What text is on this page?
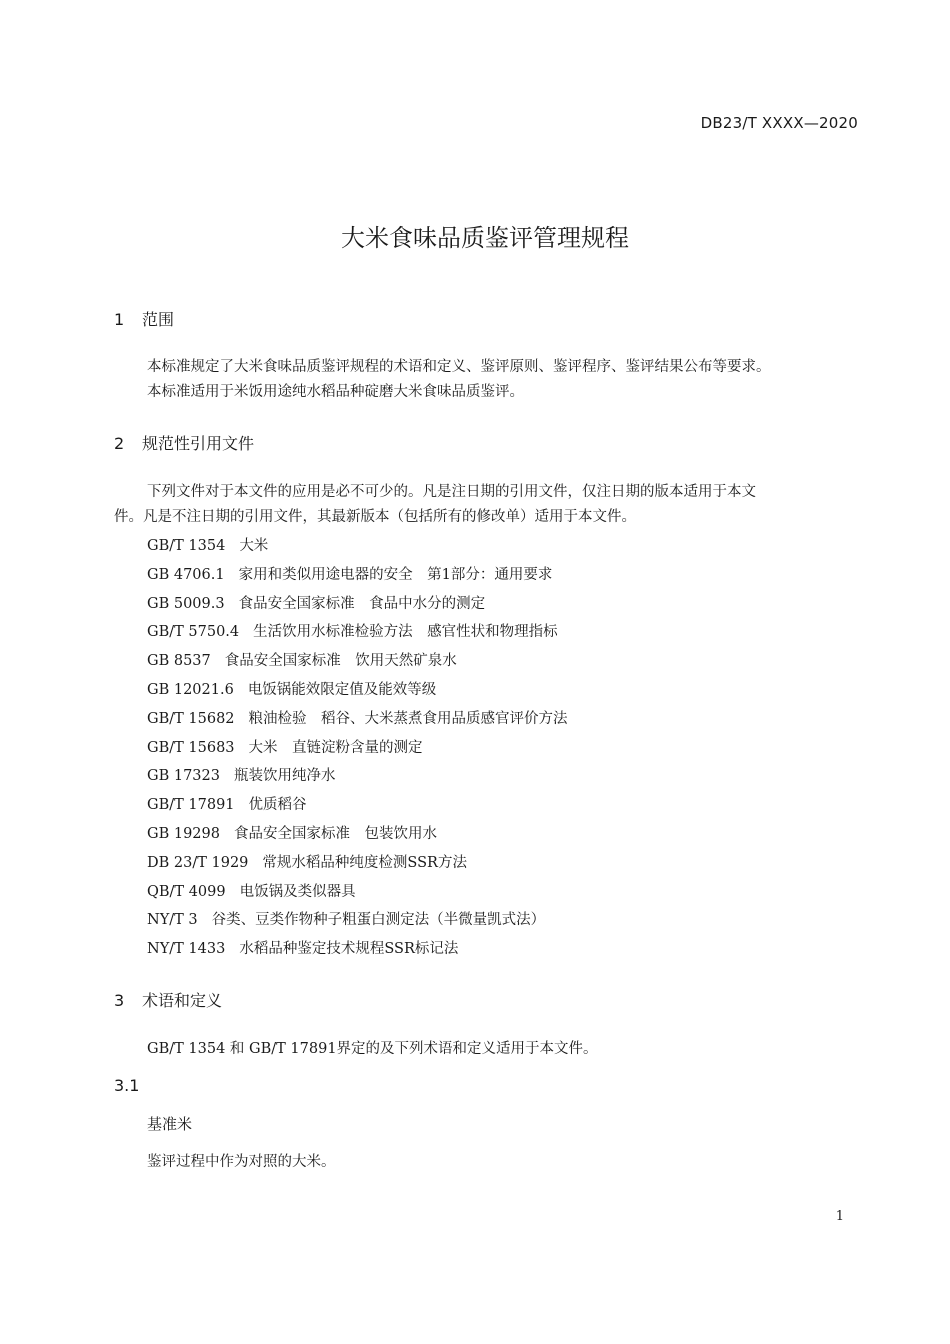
DB23/T XXXX—2020
大米食味品质鉴评管理规程
1 范围
本标准规定了大米食味品质鉴评规程的术语和定义、鉴评原则、鉴评程序、鉴评结果公布等要求。
本标准适用于米饭用途纯水稻品种碇磨大米食味品质鉴评。
2 规范性引用文件
下列文件对于本文件的应用是必不可少的。凡是注日期的引用文件，仅注日期的版本适用于本文
件。凡是不注日期的引用文件，其最新版本（包括所有的修改单）适用于本文件。
GB/T 1354 大米
GB 4706.1 家用和类似用途电器的安全　第1部分：通用要求
GB 5009.3 食品安全国家标准　食品中水分的测定
GB/T 5750.4 生活饮用水标准检验方法　感官性状和物理指标
GB 8537 食品安全国家标准　饮用天然矿泉水
GB 12021.6 电饭锅能效限定值及能效等级
GB/T 15682 粮油检验　稻谷、大米蒸煮食用品质感官评价方法
GB/T 15683 大米　直链淀粉含量的测定
GB 17323 瓶装饮用纯净水
GB/T 17891 优质稻谷
GB 19298 食品安全国家标准　包装饮用水
DB 23/T 1929 常规水稻品种纯度检测SSR方法
QB/T 4099 电饭锅及类似器具
NY/T 3 谷类、豆类作物种子粗蛋白测定法（半微量凯式法）
NY/T 1433 水稻品种鉴定技术规程SSR标记法
3 术语和定义
GB/T 1354 和 GB/T 17891界定的及下列术语和定义适用于本文件。
3.1
基准米
鉴评过程中作为对照的大米。
1
